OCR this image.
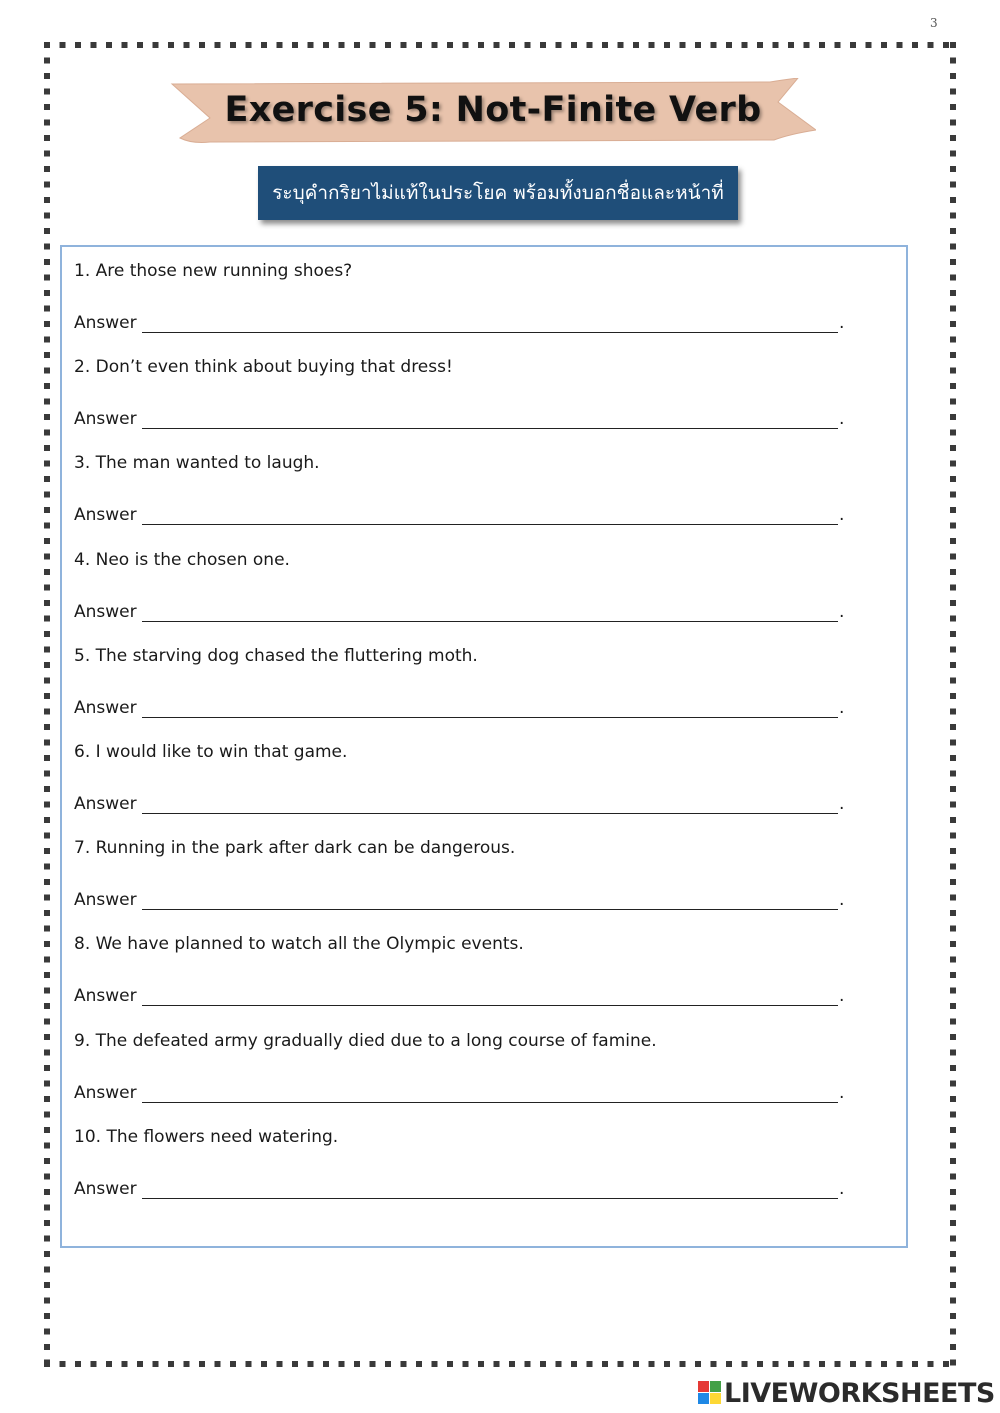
3
Exercise 5: Not-Finite Verb
ระบุคำกริยาไม่แท้ในประโยค พร้อมทั้งบอกชื่อและหน้าที่
1. Are those new running shoes?
Answer	.
2. Don’t even think about buying that dress!
Answer	.
3. The man wanted to laugh.
Answer	.
4. Neo is the chosen one.
Answer	.
5. The starving dog chased the fluttering moth.
Answer	.
6. I would like to win that game.
Answer	.
7. Running in the park after dark can be dangerous.
Answer	.
8. We have planned to watch all the Olympic events.
Answer	.
9. The defeated army gradually died due to a long course of famine.
Answer	.
10. The flowers need watering.
Answer	.
LIVEWORKSHEETS
